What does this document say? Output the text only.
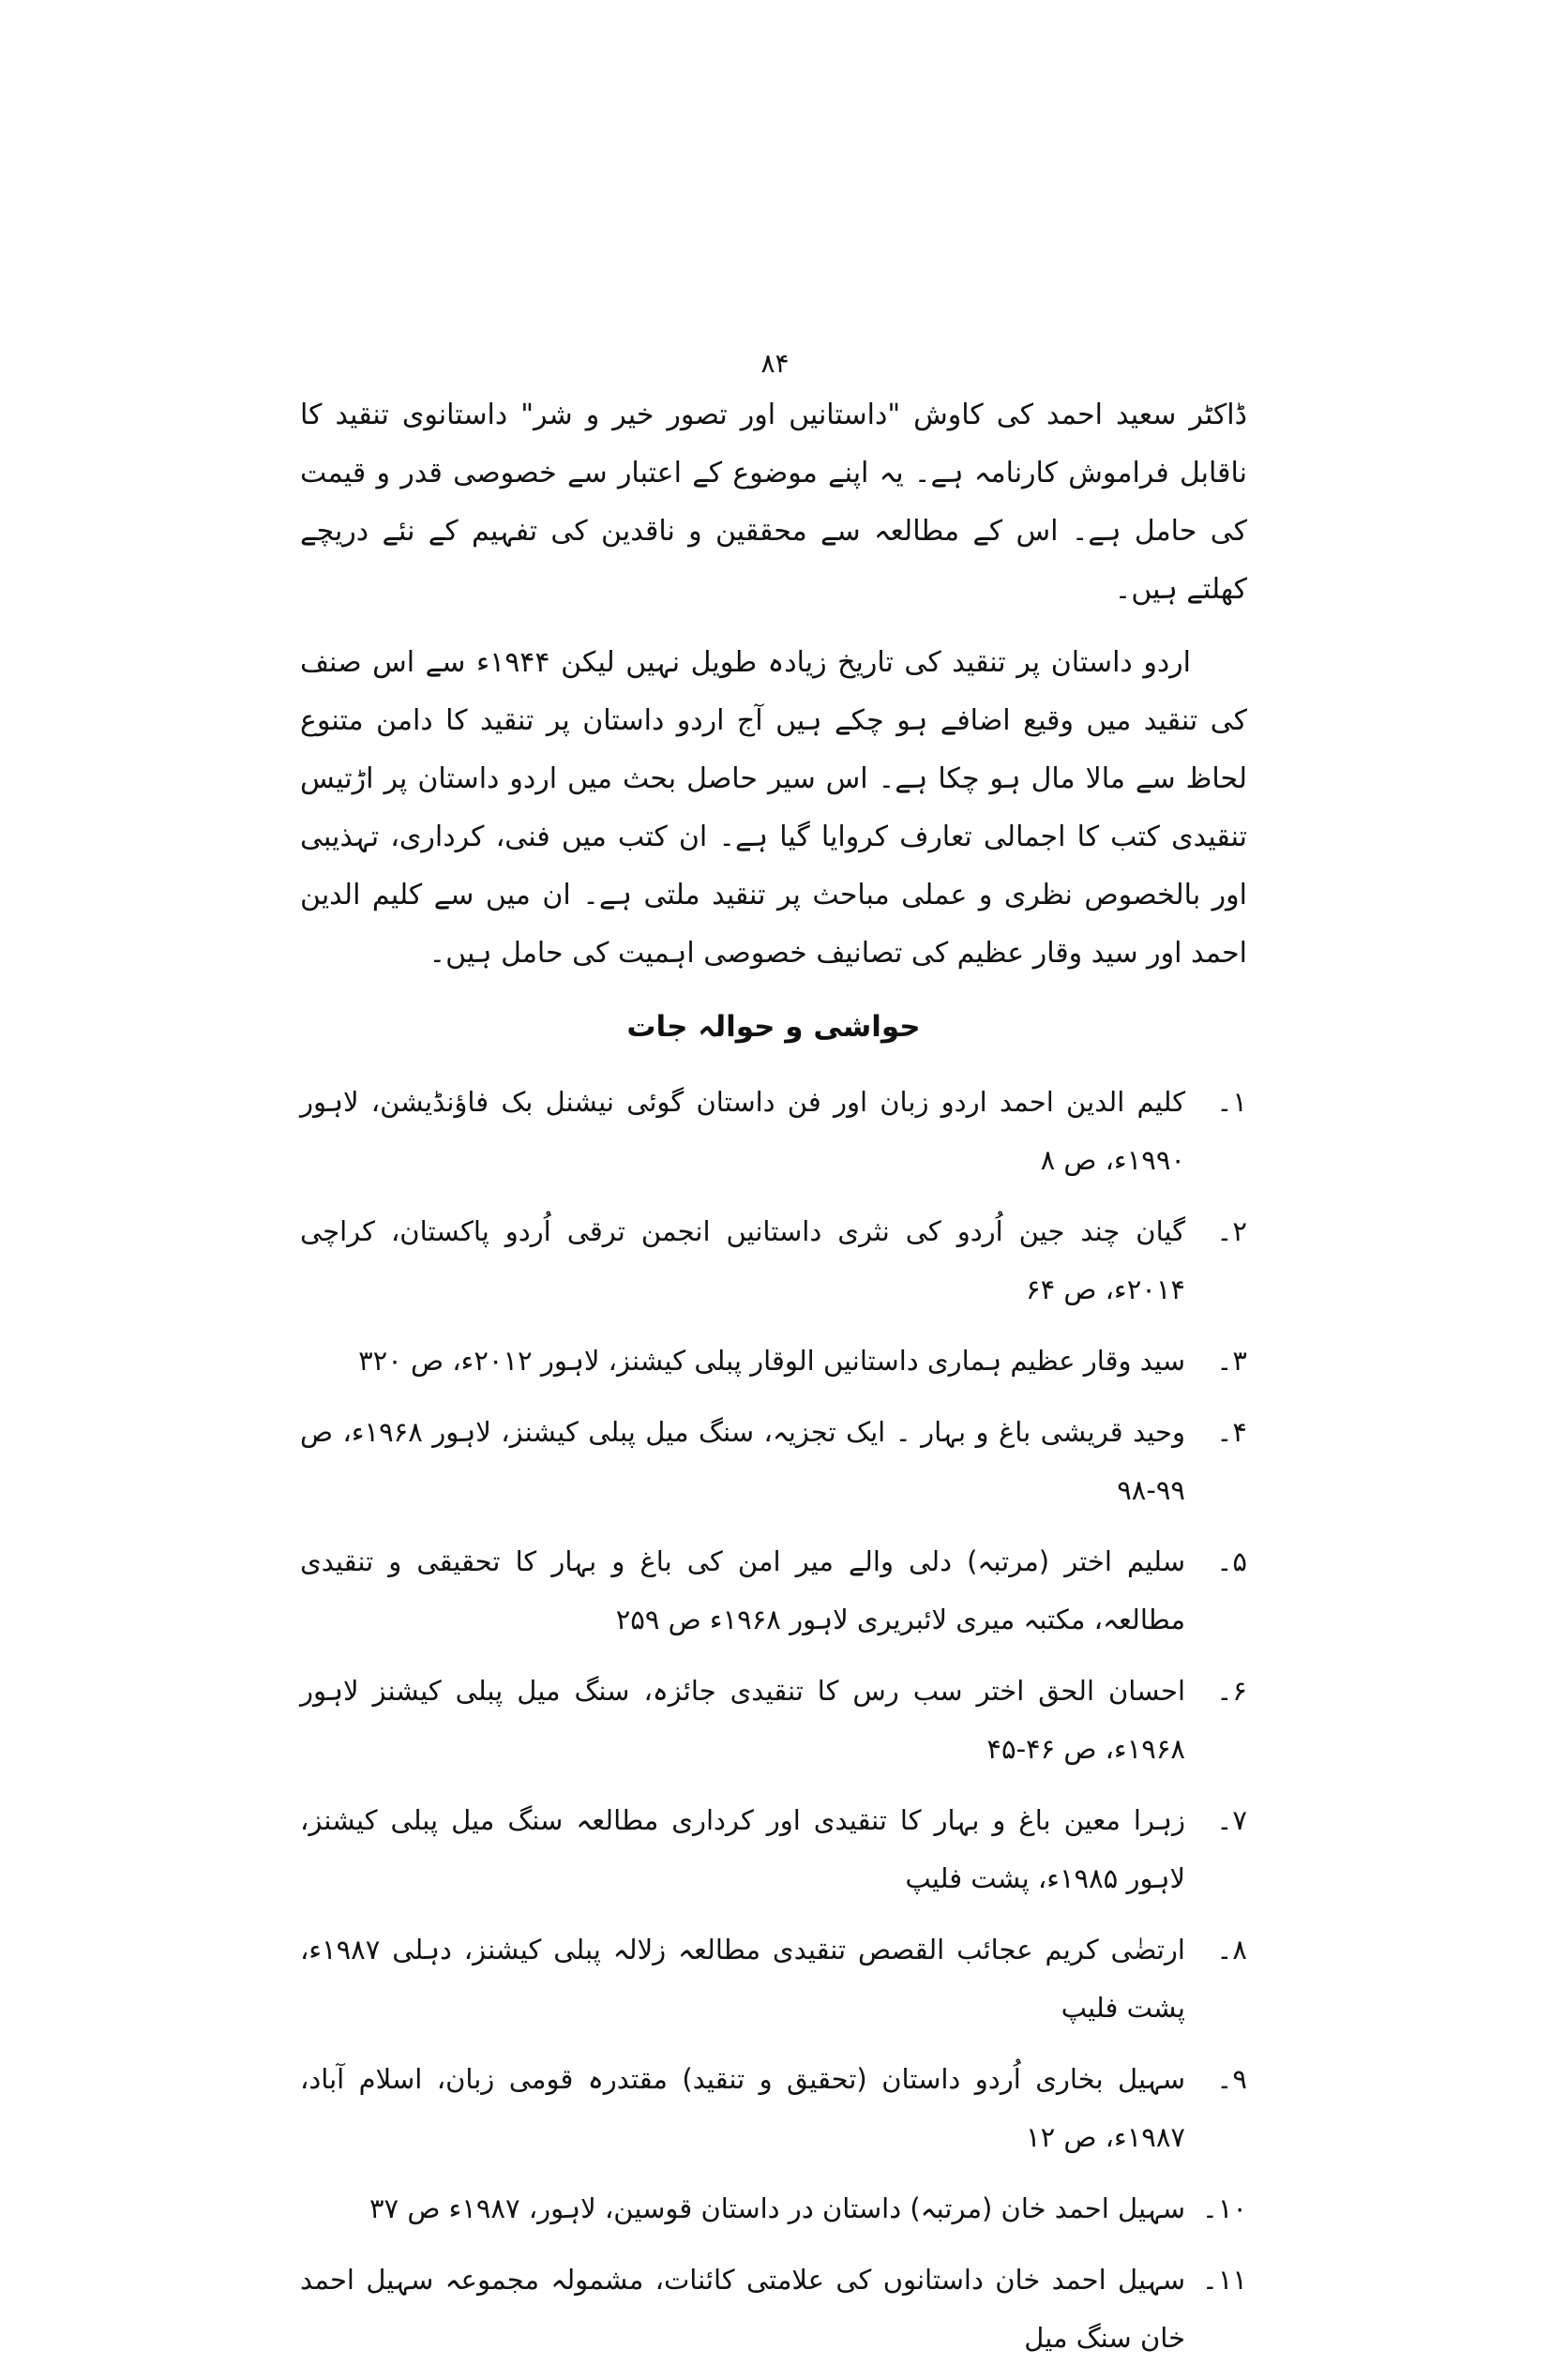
۸۴

ڈاکٹر سعید احمد کی کاوش "داستانیں اور تصور خیر و شر" داستانوی تنقید کا ناقابل فراموش کارنامہ ہے۔ یہ اپنے موضوع کے اعتبار سے خصوصی قدر و قیمت کی حامل ہے۔ اس کے مطالعہ سے محققین و ناقدین کی تفہیم کے نئے دریچے کھلتے ہیں۔

اردو داستان پر تنقید کی تاریخ زیادہ طویل نہیں لیکن ۱۹۴۴ء سے اس صنف کی تنقید میں وقیع اضافے ہو چکے ہیں آج اردو داستان پر تنقید کا دامن متنوع لحاظ سے مالا مال ہو چکا ہے۔ اس سیر حاصل بحث میں اردو داستان پر اڑتیس تنقیدی کتب کا اجمالی تعارف کروایا گیا ہے۔ ان کتب میں فنی، کرداری، تہذیبی اور بالخصوص نظری و عملی مباحث پر تنقید ملتی ہے۔ ان میں سے کلیم الدین احمد اور سید وقار عظیم کی تصانیف خصوصی اہمیت کی حامل ہیں۔

حواشی و حوالہ جات
۱۔
کلیم الدین احمد اردو زبان اور فن داستان گوئی نیشنل بک فاؤنڈیشن، لاہور ۱۹۹۰ء، ص ۸
۲۔
گیان چند جین اُردو کی نثری داستانیں انجمن ترقی اُردو پاکستان، کراچی ۲۰۱۴ء، ص ۶۴
۳۔
سید وقار عظیم ہماری داستانیں الوقار پبلی کیشنز، لاہور ۲۰۱۲ء، ص ۳۲۰
۴۔
وحید قریشی باغ و بہار ۔ ایک تجزیہ، سنگ میل پبلی کیشنز، لاہور ۱۹۶۸ء، ص ۹۹-۹۸
۵۔
سلیم اختر (مرتبہ) دلی والے میر امن کی باغ و بہار کا تحقیقی و تنقیدی مطالعہ، مکتبہ میری لائبریری لاہور ۱۹۶۸ء ص ۲۵۹
۶۔
احسان الحق اختر سب رس کا تنقیدی جائزہ، سنگ میل پبلی کیشنز لاہور ۱۹۶۸ء، ص ۴۶-۴۵
۷۔
زہرا معین باغ و بہار کا تنقیدی اور کرداری مطالعہ سنگ میل پبلی کیشنز، لاہور ۱۹۸۵ء، پشت فلیپ
۸۔
ارتضٰی کریم عجائب القصص تنقیدی مطالعہ زلالہ پبلی کیشنز، دہلی ۱۹۸۷ء، پشت فلیپ
۹۔
سہیل بخاری اُردو داستان (تحقیق و تنقید) مقتدرہ قومی زبان، اسلام آباد، ۱۹۸۷ء، ص ۱۲
۱۰۔
سہیل احمد خان (مرتبہ) داستان در داستان قوسین، لاہور، ۱۹۸۷ء ص ۳۷
۱۱۔
سہیل احمد خان داستانوں کی علامتی کائنات، مشمولہ مجموعہ سہیل احمد خان سنگ میل
